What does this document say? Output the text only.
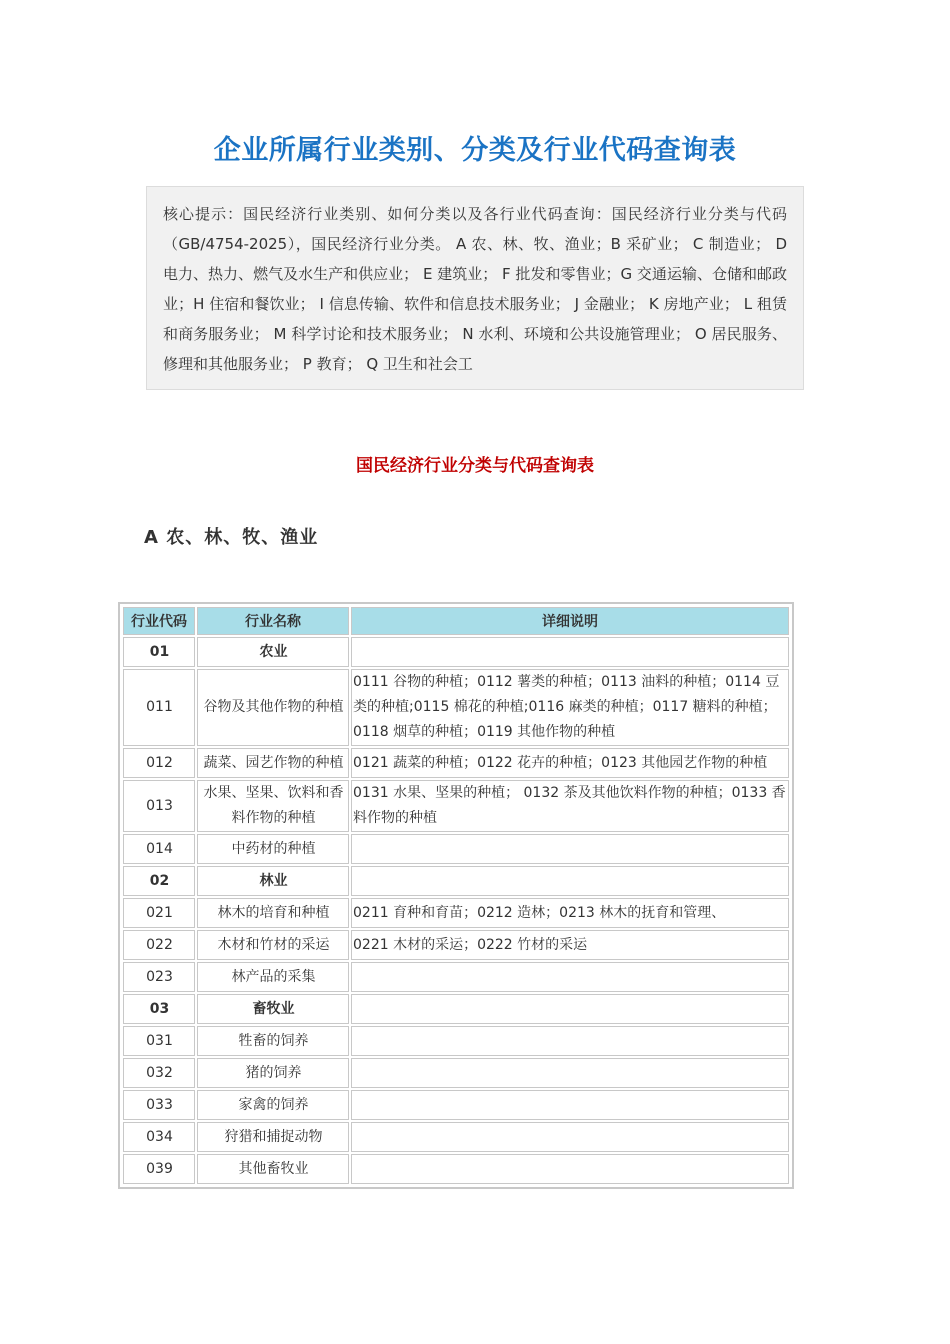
企业所属行业类别、分类及行业代码查询表
核心提示：国民经济行业类别、如何分类以及各行业代码查询：国民经济行业分类与代码（GB/4754-2025），国民经济行业分类。 A 农、林、牧、渔业；B 采矿业； C 制造业； D 电力、热力、燃气及水生产和供应业； E 建筑业； F 批发和零售业；G 交通运输、仓储和邮政业；H 住宿和餐饮业； I 信息传输、软件和信息技术服务业； J 金融业； K 房地产业； L 租赁和商务服务业； M 科学讨论和技术服务业； N 水利、环境和公共设施管理业； O 居民服务、修理和其他服务业； P 教育； Q 卫生和社会工
国民经济行业分类与代码查询表
A 农、林、牧、渔业
行业代码	行业名称	详细说明
01	农业	
011	谷物及其他作物的种植	0111 谷物的种植；0112 薯类的种植；0113 油料的种植；0114 豆类的种植;0115 棉花的种植;0116 麻类的种植；0117 糖料的种植；0118 烟草的种植；0119 其他作物的种植
012	蔬菜、园艺作物的种植	0121 蔬菜的种植；0122 花卉的种植；0123 其他园艺作物的种植
013	水果、坚果、饮料和香料作物的种植	0131 水果、坚果的种植； 0132 茶及其他饮料作物的种植；0133 香料作物的种植
014	中药材的种植	
02	林业	
021	林木的培育和种植	0211 育种和育苗；0212 造林；0213 林木的抚育和管理、
022	木材和竹材的采运	0221 木材的采运；0222 竹材的采运
023	林产品的采集	
03	畜牧业	
031	牲畜的饲养	
032	猪的饲养	
033	家禽的饲养	
034	狩猎和捕捉动物	
039	其他畜牧业	
